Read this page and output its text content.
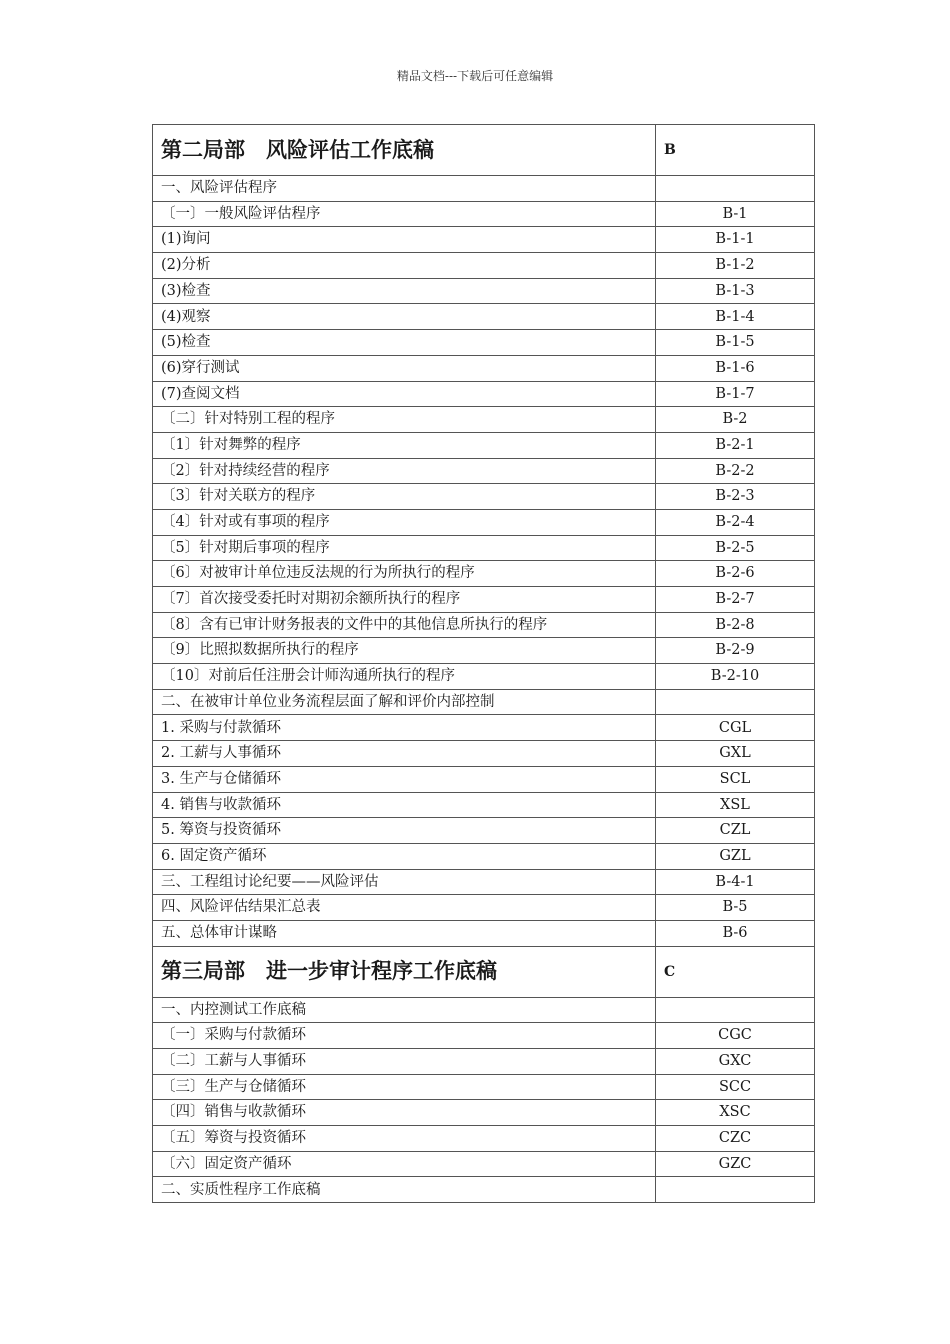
精品文档---下载后可任意编辑
第二局部　风险评估工作底稿	B
一、风险评估程序	
〔一〕一般风险评估程序	B-1
(1)询问	B-1-1
(2)分析	B-1-2
(3)检查	B-1-3
(4)观察	B-1-4
(5)检查	B-1-5
(6)穿行测试	B-1-6
(7)查阅文档	B-1-7
〔二〕针对特别工程的程序	B-2
〔1〕针对舞弊的程序	B-2-1
〔2〕针对持续经营的程序	B-2-2
〔3〕针对关联方的程序	B-2-3
〔4〕针对或有事项的程序	B-2-4
〔5〕针对期后事项的程序	B-2-5
〔6〕对被审计单位违反法规的行为所执行的程序	B-2-6
〔7〕首次接受委托时对期初余额所执行的程序	B-2-7
〔8〕含有已审计财务报表的文件中的其他信息所执行的程序	B-2-8
〔9〕比照拟数据所执行的程序	B-2-9
〔10〕对前后任注册会计师沟通所执行的程序	B-2-10
二、在被审计单位业务流程层面了解和评价内部控制	
1. 采购与付款循环	CGL
2. 工薪与人事循环	GXL
3. 生产与仓储循环	SCL
4. 销售与收款循环	XSL
5. 筹资与投资循环	CZL
6. 固定资产循环	GZL
三、工程组讨论纪要——风险评估	B-4-1
四、风险评估结果汇总表	B-5
五、总体审计谋略	B-6
第三局部　进一步审计程序工作底稿	C
一、内控测试工作底稿	
〔一〕采购与付款循环	CGC
〔二〕工薪与人事循环	GXC
〔三〕生产与仓储循环	SCC
〔四〕销售与收款循环	XSC
〔五〕筹资与投资循环	CZC
〔六〕固定资产循环	GZC
二、实质性程序工作底稿	
